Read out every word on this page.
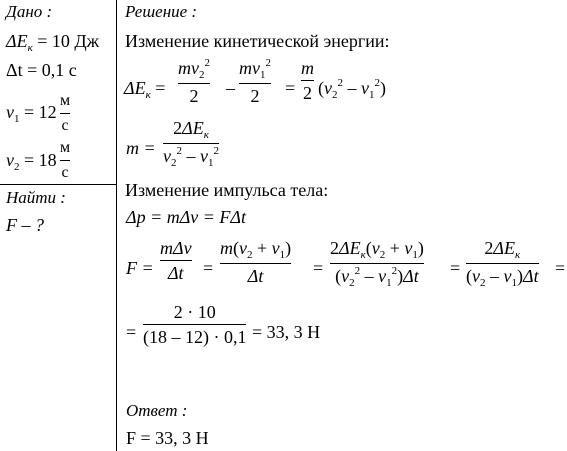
Дано :
$\Delta E_к = 10$ Дж
Δt = 0,1 с
$v_1 = 12$
м
с
$v_2 = 18$
м
с
Найти :
F – ?
Решение :
Изменение кинетической энергии:
$\Delta E_к$ =
$mv_2^2$
2 –
$mv_1^2$
2 =
m
2 $(v_2^2 - v_1^2)$
m =
$2\Delta E_к$
$v_2^2 - v_1^2$
Изменение импульса тела:
Δp = mΔv = FΔt
F =
mΔv
Δt =
$m(v_2 + v_1)$
Δt	=
$2\Delta E_к(v_2 + v_1)$
$(v_2^2 - v_1^2)\Delta t$ =
$2\Delta E_к$
$(v_2 - v_1)\Delta t$ =
=
2 · 10
(18 – 12) · 0,1 = 33, 3 Н
Ответ :
F = 33, 3 Н
